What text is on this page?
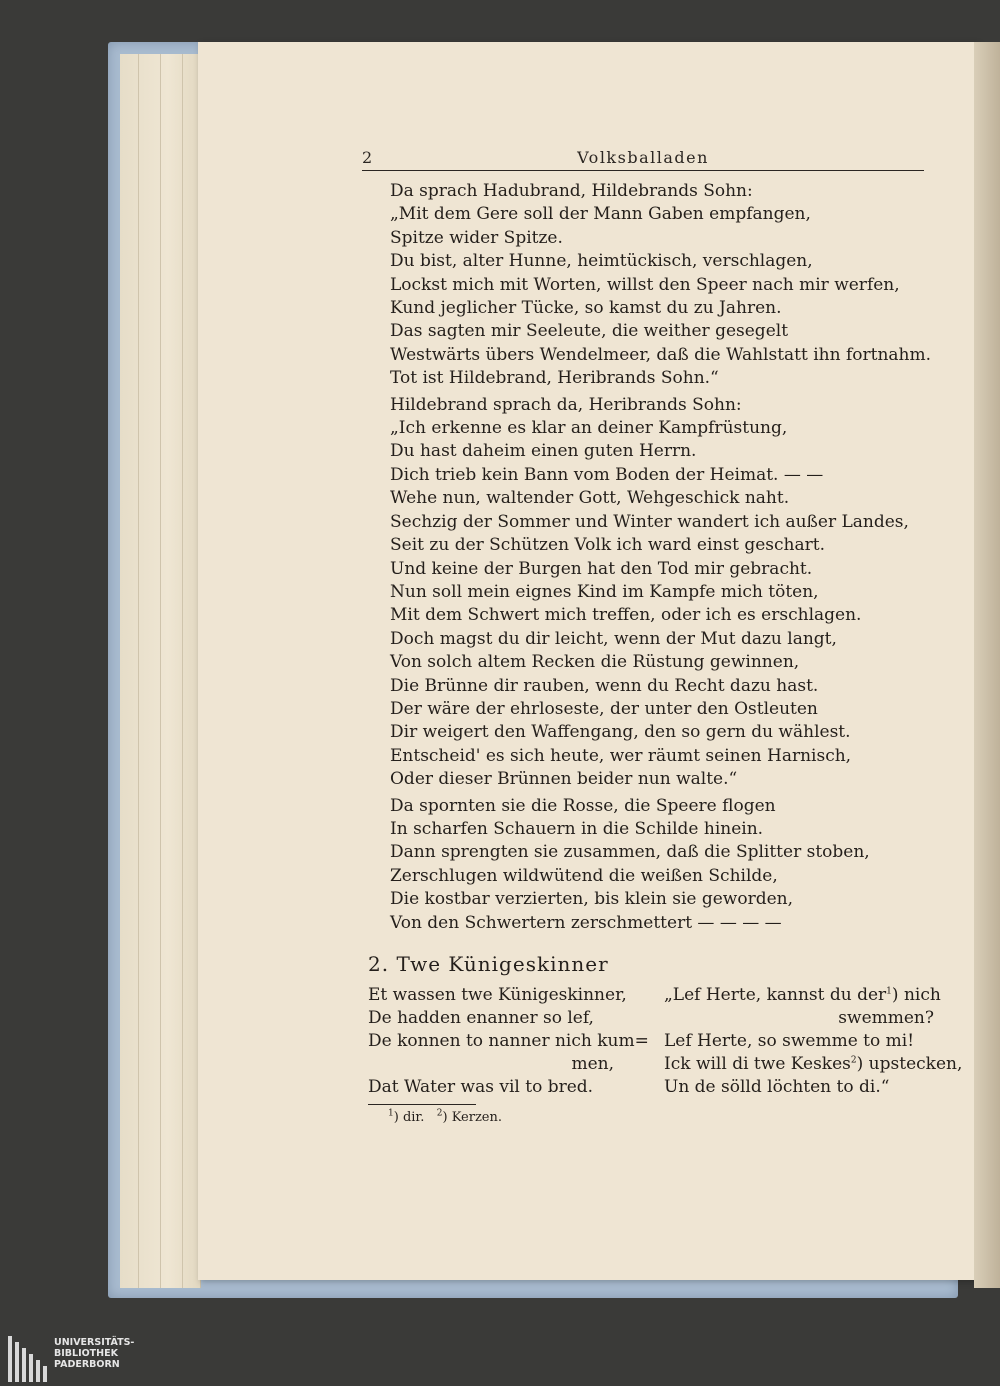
2	Volksballaden
Da sprach Hadubrand, Hildebrands Sohn:
„Mit dem Gere soll der Mann Gaben empfangen,
Spitze wider Spitze.
Du bist, alter Hunne, heimtückisch, verschlagen,
Lockst mich mit Worten, willst den Speer nach mir werfen,
Kund jeglicher Tücke, so kamst du zu Jahren.
Das sagten mir Seeleute, die weither gesegelt
Westwärts übers Wendelmeer, daß die Wahlstatt ihn fortnahm.
Tot ist Hildebrand, Heribrands Sohn.“
Hildebrand sprach da, Heribrands Sohn:
„Ich erkenne es klar an deiner Kampfrüstung,
Du hast daheim einen guten Herrn.
Dich trieb kein Bann vom Boden der Heimat. — —
Wehe nun, waltender Gott, Wehgeschick naht.
Sechzig der Sommer und Winter wandert ich außer Landes,
Seit zu der Schützen Volk ich ward einst geschart.
Und keine der Burgen hat den Tod mir gebracht.
Nun soll mein eignes Kind im Kampfe mich töten,
Mit dem Schwert mich treffen, oder ich es erschlagen.
Doch magst du dir leicht, wenn der Mut dazu langt,
Von solch altem Recken die Rüstung gewinnen,
Die Brünne dir rauben, wenn du Recht dazu hast.
Der wäre der ehrloseste, der unter den Ostleuten
Dir weigert den Waffengang, den so gern du wählest.
Entscheid' es sich heute, wer räumt seinen Harnisch,
Oder dieser Brünnen beider nun walte.“
Da spornten sie die Rosse, die Speere flogen
In scharfen Schauern in die Schilde hinein.
Dann sprengten sie zusammen, daß die Splitter stoben,
Zerschlugen wildwütend die weißen Schilde,
Die kostbar verzierten, bis klein sie geworden,
Von den Schwertern zerschmettert — — — —
2. Twe Künigeskinner
Et wassen twe Künigeskinner,
De hadden enanner so lef,
De konnen to nanner nich kum=
men,
Dat Water was vil to bred.
„Lef Herte, kannst du der$^1$) nich
swemmen?
Lef Herte, so swemme to mi!
Ick will di twe Keskes$^2$) upstecken,
Un de sölld löchten to di.“
$^1$) dir. $^2$) Kerzen.
UNIVERSITÄTS-
BIBLIOTHEK
PADERBORN
